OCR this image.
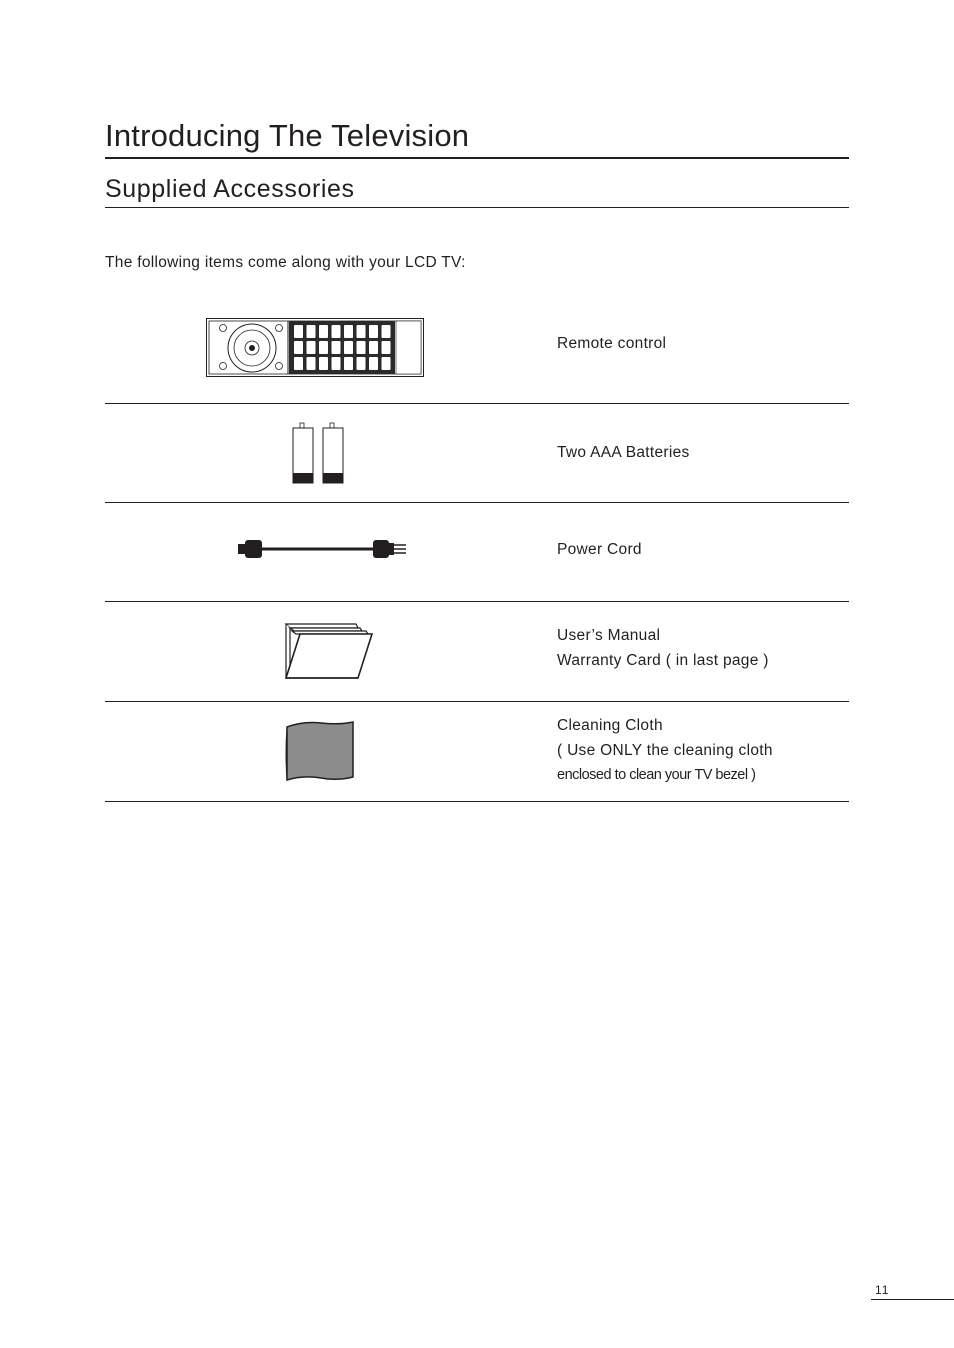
Introducing The Television
Supplied Accessories
The following items come along with your LCD TV:
Remote control
Two AAA Batteries
Power Cord
User’s Manual
Warranty Card ( in last page )
Cleaning Cloth
( Use ONLY the cleaning cloth
enclosed to clean your TV bezel )
11
